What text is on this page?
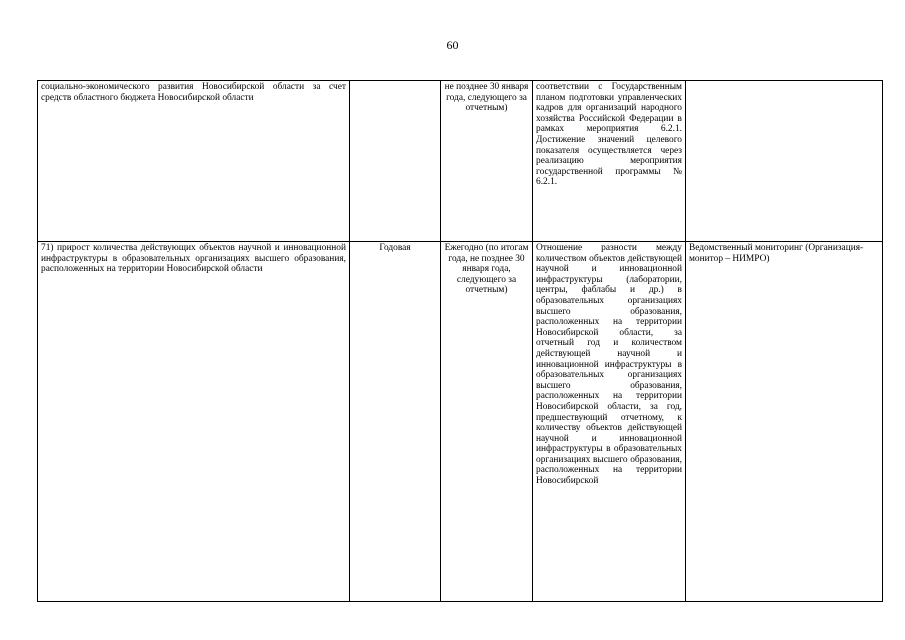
60
социально-экономического развития Новосибирской области за счет средств областного бюджета Новосибирской области		не позднее 30 января года, следующего за отчетным)	соответствии с Государственным планом подготовки управленческих кадров для организаций народного хозяйства Российской Федерации в рамках мероприятия 6.2.1. Достижение значений целевого показателя осуществляется через реализацию мероприятия государственной программы № 6.2.1.	

71) прирост количества действующих объектов научной и инновационной инфраструктуры в образовательных организациях высшего образования, расположенных на территории Новосибирской области	Годовая	Ежегодно (по итогам года, не позднее 30 января года, следующего за отчетным)	Отношение разности между количеством объектов действующей научной и инновационной инфраструктуры (лаборатории, центры, фаблабы и др.) в образовательных организациях высшего образования, расположенных на территории Новосибирской области, за отчетный год и количеством действующей научной и инновационной инфраструктуры в образовательных организациях высшего образования, расположенных на территории Новосибирской области, за год, предшествующий отчетному, к количеству объектов действующей научной и инновационной инфраструктуры в образовательных организациях высшего образования, расположенных на территории Новосибирской	Ведомственный мониторинг (Организация-монитор – НИМРО)
